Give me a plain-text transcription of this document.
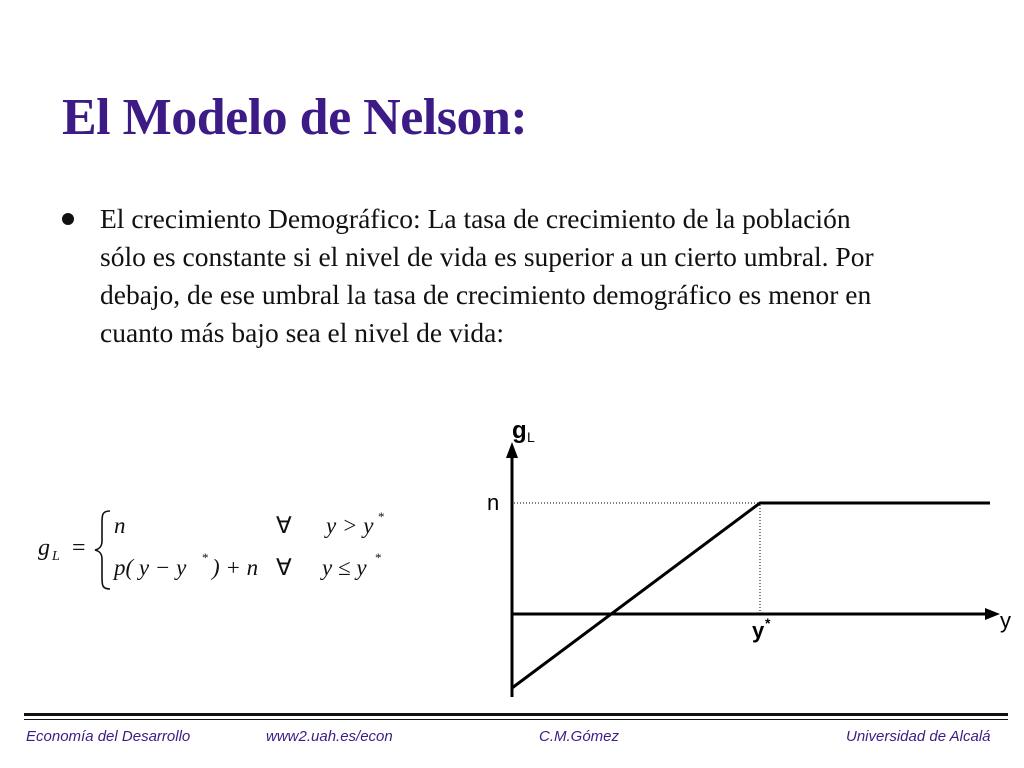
El Modelo de Nelson:
El crecimiento Demográfico: La tasa de crecimiento de la población
sólo es constante si el nivel de vida es superior a un cierto umbral. Por
debajo, de ese umbral la tasa de crecimiento demográfico es menor en
cuanto más bajo sea el nivel de vida:
g L =
n	∀ y > y *
p( y − y * ) + n ∀ y ≤ y *
g L
n
y
y *
Economía del Desarrollo	www2.uah.es/econ	C.M.Gómez	Universidad de Alcalá
